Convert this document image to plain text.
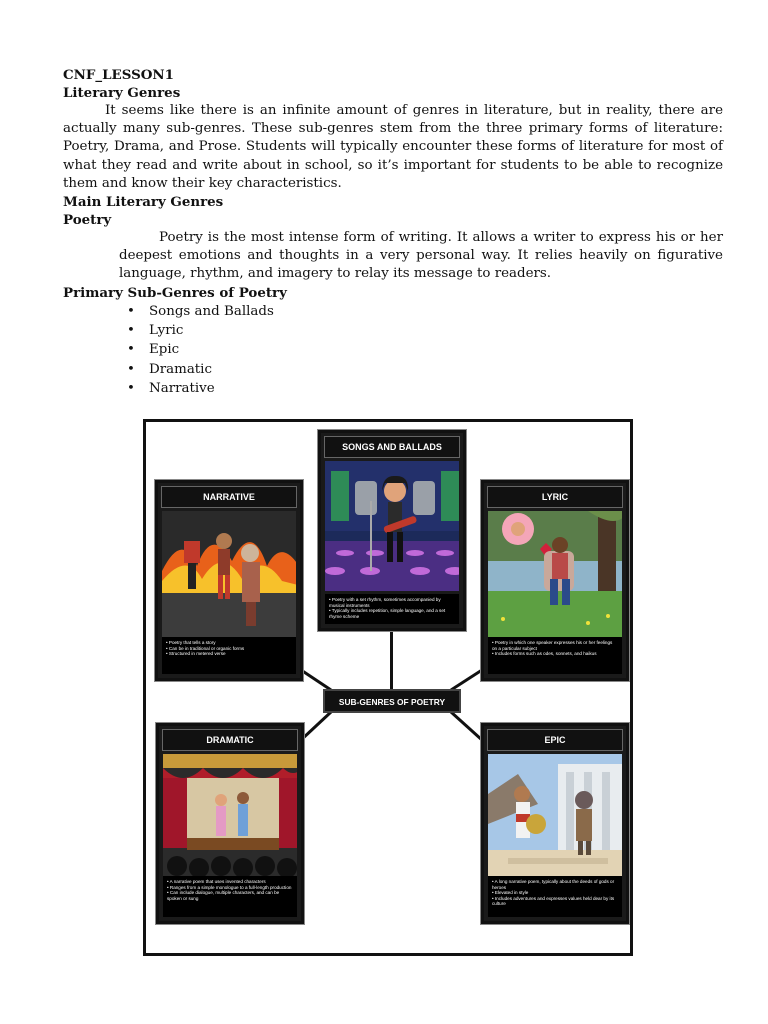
CNF_LESSON1
Literary Genres

It seems like there is an infinite amount of genres in literature, but in reality, there are actually many sub-genres. These sub-genres stem from the three primary forms of literature: Poetry, Drama, and Prose. Students will typically encounter these forms of literature for most of what they read and write about in school, so it’s important for students to be able to recognize them and know their key characteristics.

Main Literary Genres
Poetry

Poetry is the most intense form of writing. It allows a writer to express his or her deepest emotions and thoughts in a very personal way. It relies heavily on figurative language, rhythm, and imagery to relay its message to readers.

Primary Sub-Genres of Poetry
• Songs and Ballads
• Lyric
• Epic
• Dramatic
• Narrative
SUB-GENRES OF POETRY
SONGS AND BALLADS
• Poetry with a set rhythm, sometimes accompanied by musical instruments
• Typically includes repetition, simple language, and a set rhyme scheme
NARRATIVE
• Poetry that tells a story
• Can be in traditional or organic forms
• Structured in metered verse
LYRIC
• Poetry in which one speaker expresses his or her feelings on a particular subject
• Includes forms such as odes, sonnets, and haikus
DRAMATIC
• A narrative poem that uses invented characters
• Ranges from a simple monologue to a full-length production
• Can include dialogue, multiple characters, and can be spoken or sung
EPIC
• A long narrative poem, typically about the deeds of gods or heroes
• Elevated in style
• Includes adventures and expresses values held dear by its culture
